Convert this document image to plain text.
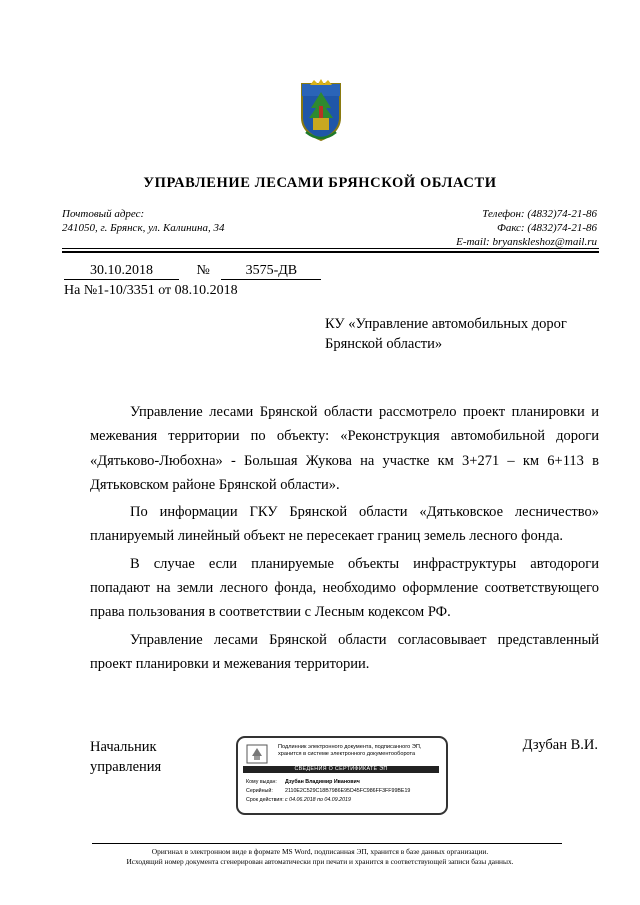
УПРАВЛЕНИЕ ЛЕСАМИ БРЯНСКОЙ ОБЛАСТИ
Почтовый адрес:
241050, г. Брянск, ул. Калинина, 34
Телефон: (4832)74-21-86
Факс: (4832)74-21-86
E-mail: bryanskleshoz@mail.ru
30.10.2018	№	3575-ДВ
На №1-10/3351 от 08.10.2018
КУ «Управление автомобильных дорог
Брянской области»

Управление лесами Брянской области рассмотрело проект планировки и межевания территории по объекту: «Реконструкция автомобильной дороги «Дятьково-Любохна» - Большая Жукова на участке км 3+271 – км 6+113 в Дятьковском районе Брянской области».

По информации ГКУ Брянской области «Дятьковское лесничество» планируемый линейный объект не пересекает границ земель лесного фонда.

В случае если планируемые объекты инфраструктуры автодороги попадают на земли лесного фонда, необходимо оформление соответствующего права пользования в соответствии с Лесным кодексом РФ.

Управление лесами Брянской области согласовывает представленный проект планировки и межевания территории.

Начальник
управления
Дзубан В.И.
Подлинник электронного документа, подписанного ЭП,
хранится в системе электронного документооборота
СВЕДЕНИЯ О СЕРТИФИКАТЕ ЭП
Кому выдан: Дзубан Владимир Иванович
Серийный: 2110E2C529C18B7986E95D45FC986FF3FF99BE19
Срок действия:с 04.06.2018 по 04.09.2019
Оригинал в электронном виде в формате MS Word, подписанная ЭП, хранится в базе данных организации.
Исходящий номер документа сгенерирован автоматически при печати и хранится в соответствующей записи базы данных.
